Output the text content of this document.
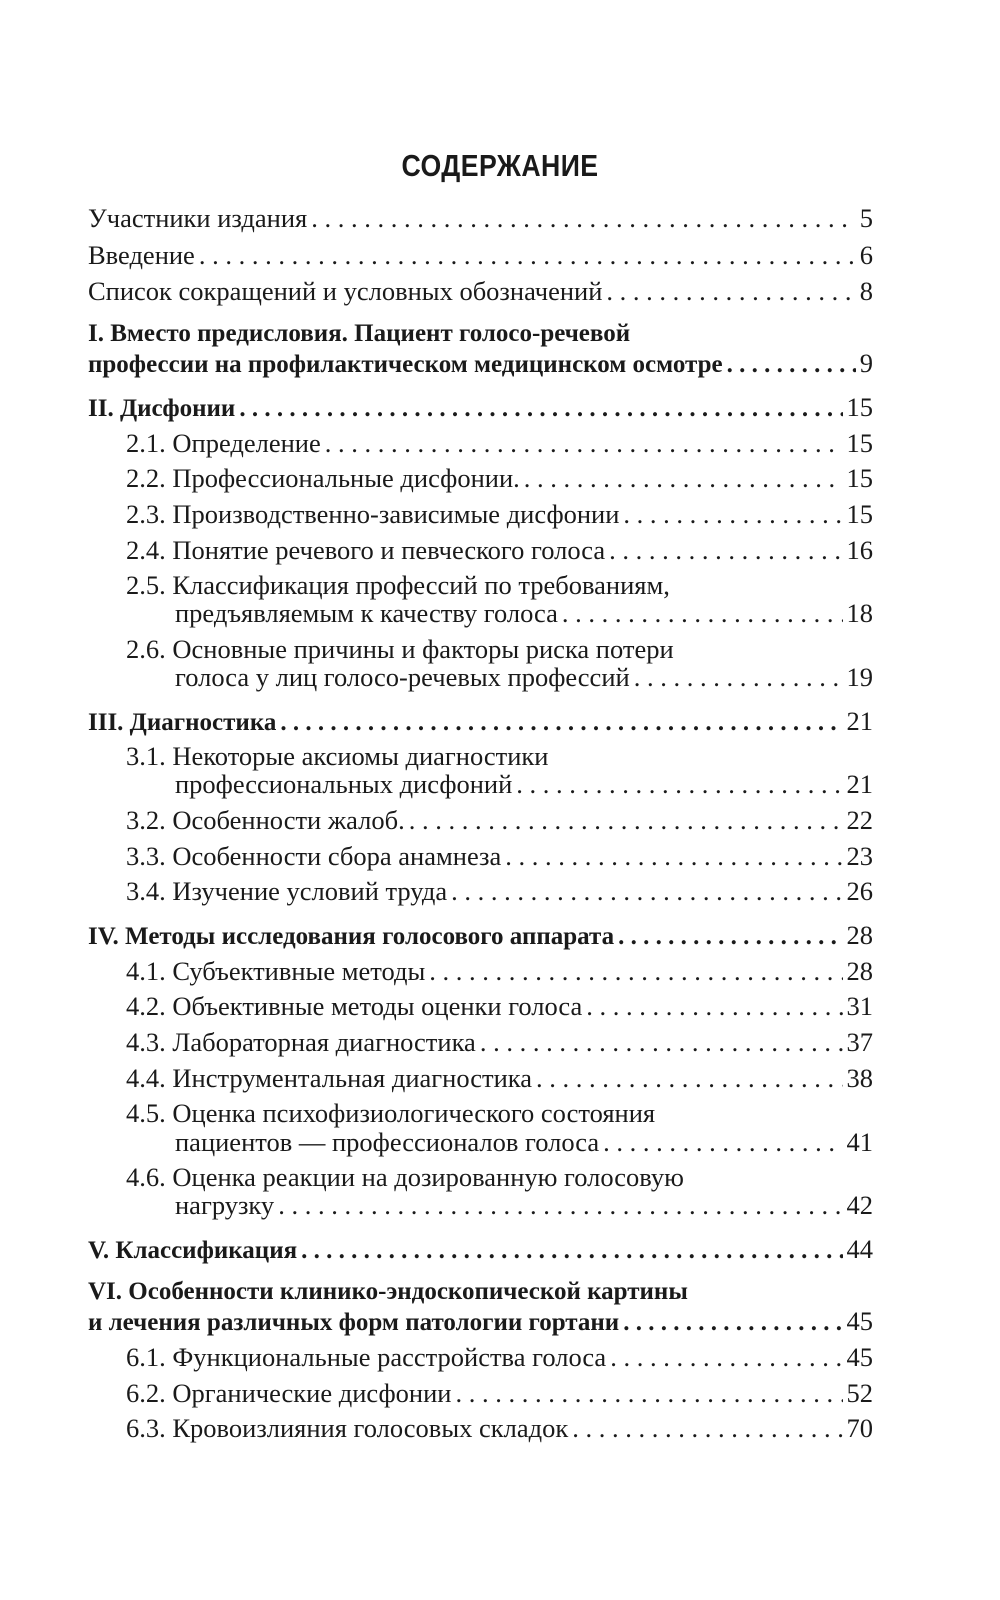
СОДЕРЖАНИЕ
Участники издания . . .	5
Введение . . .	6
Список сокращений и условных обозначений . . .	8
I. Вместо предисловия. Пациент голосо-речевой
профессии на профилактическом медицинском осмотре . . .	9
II. Дисфонии . . .	15
2.1. Определение . . .	15
2.2. Профессиональные дисфонии. . . .	15
2.3. Производственно-зависимые дисфонии . . .	15
2.4. Понятие речевого и певческого голоса . . .	16
2.5. Классификация профессий по требованиям,
предъявляемым к качеству голоса . . .	18
2.6. Основные причины и факторы риска потери
голоса у лиц голосо-речевых профессий . . .	19
III. Диагностика . . .	21
3.1. Некоторые аксиомы диагностики
профессиональных дисфоний . . .	21
3.2. Особенности жалоб. . . .	22
3.3. Особенности сбора анамнеза . . .	23
3.4. Изучение условий труда . . .	26
IV. Методы исследования голосового аппарата . . .	28
4.1. Субъективные методы . . .	28
4.2. Объективные методы оценки голоса . . .	31
4.3. Лабораторная диагностика . . .	37
4.4. Инструментальная диагностика . . .	38
4.5. Оценка психофизиологического состояния
пациентов — профессионалов голоса . . .	41
4.6. Оценка реакции на дозированную голосовую
нагрузку . . .	42
V. Классификация . . .	44
VI. Особенности клинико-эндоскопической картины
и лечения различных форм патологии гортани . . .	45
6.1. Функциональные расстройства голоса . . .	45
6.2. Органические дисфонии . . .	52
6.3. Кровоизлияния голосовых складок . . .	70
